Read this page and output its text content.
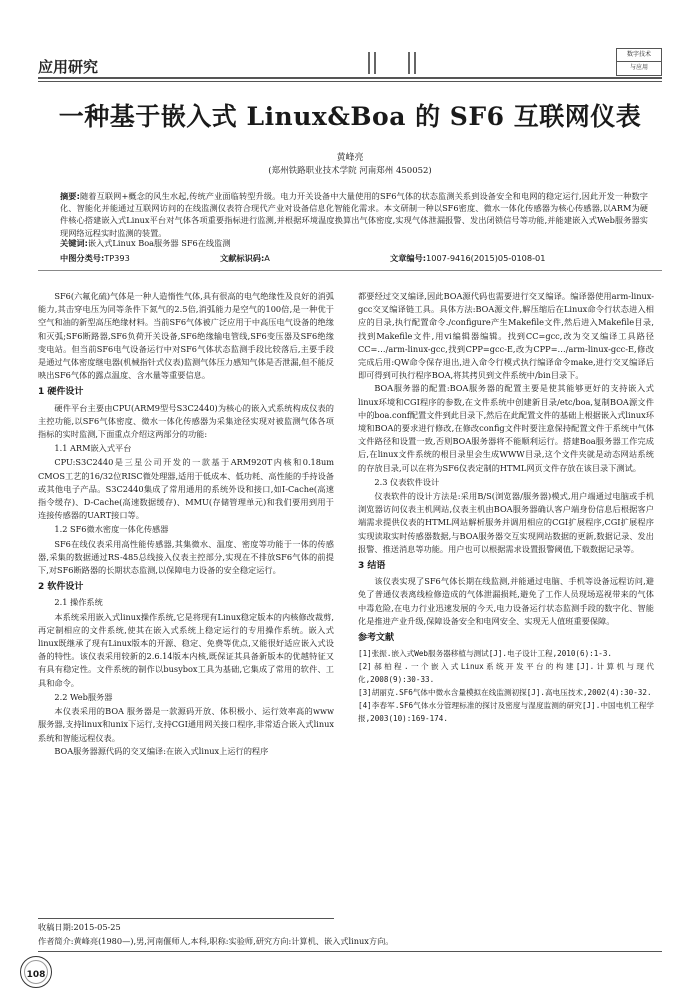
应用研究
数字技术
与应用
一种基于嵌入式 Linux&Boa 的 SF6 互联网仪表
黄峰亮
(郑州铁路职业技术学院 河南郑州 450052)
摘要:随着互联网+概念的风生水起,传统产业面临转型升级。电力开关设备中大量使用的SF6气体的状态监测关系到设备安全和电网的稳定运行,因此开发一种数字化、智能化并能通过互联网访问的在线监测仪表符合现代产业对设备信息化智能化需求。本文研制一种以SF6密度、微水一体化传感器为核心传感器,以ARM为硬件核心搭建嵌入式Linux平台对气体各项重要指标进行监测,并根据环境温度换算出气体密度,实现气体泄漏报警、发出闭锁信号等功能,并能建嵌入式Web服务器实现网络远程实时监测的装置。
关键词:嵌入式Linux Boa服务器 SF6在线监测
中图分类号:TP393	文献标识码:A	文章编号:1007-9416(2015)05-0108-01

SF6(六氟化硫)气体是一种人造惰性气体,具有很高的电气绝缘性及良好的消弧能力,其击穿电压为同等条件下氮气的2.5倍,消弧能力是空气的100倍,是一种优于空气和油的新型高压绝缘材料。当前SF6气体被广泛应用于中高压电气设备的绝缘和灭弧;SF6断路器,SF6负荷开关设备,SF6绝缘输电管线,SF6变压器及SF6绝缘变电站。但当前SF6电气设备运行中对SF6气体状态监测手段比较落后,主要手段是通过气体密度继电器(机械指针式仪表)监测气体压力感知气体是否泄漏,但不能反映出SF6气体的露点温度、含水量等重要信息。

1 硬件设计

硬件平台主要由CPU(ARM9型号S3C2440)为核心的嵌入式系统构成仪表的主控功能,以SF6气体密度、微水一体化传感器为采集途径实现对被监测气体各项指标的实时监测,下面重点介绍这两部分的功能:

1.1 ARM嵌入式平台

CPU:S3C2440是三星公司开发的一款基于ARM920T内核和0.18um CMOS工艺的16/32位RISC微处理器,适用于低成本、低功耗、高性能的手持设备或其他电子产品。S3C2440集成了常用通用的系统外设和接口,如I-Cache(高速指令缓存)、D-Cache(高速数据缓存)、MMU(存储管理单元)和我们要用到用于连接传感器的UART接口等。

1.2 SF6微水密度一体化传感器

SF6在线仪表采用高性能传感器,其集微水、温度、密度等功能于一体的传感器,采集的数据通过RS-485总线接入仪表主控部分,实现在不排放SF6气体的前提下,对SF6断路器的长期状态监测,以保障电力设备的安全稳定运行。

2 软件设计
2.1 操作系统

本系统采用嵌入式linux操作系统,它是将现有Linux稳定版本的内核修改裁剪,再定制相应的文件系统,使其在嵌入式系统上稳定运行的专用操作系统。嵌入式linux既继承了现有Linux版本的开源、稳定、免费等优点,又能很好适应嵌入式设备的特性。该仪表采用较新的2.6.14版本内核,既保证其具备新版本的优越特征又有具有稳定性。文件系统的制作以busybox工具为基础,它集成了常用的软件、工具和命令。

2.2 Web服务器

本仪表采用的BOA 服务器是一款源码开放、体积极小、运行效率高的www服务器,支持linux和unix下运行,支持CGI通用网关接口程序,非常适合嵌入式linux系统和智能远程仪表。

BOA服务器源代码的交叉编译:在嵌入式linux上运行的程序

都要经过交叉编译,因此BOA源代码也需要进行交叉编译。编译器使用arm-linux-gcc交叉编译链工具。具体方法:BOA源文件,解压缩后在Linux命令行状态进入相应的目录,执行配置命令./configure产生Makefile文件,然后进入Makefile目录,找到Makefile文件,用vi编辑器编辑。找到CC=gcc,改为交叉编译工具路径CC=…/arm-linux-gcc,找到CPP=gcc-E,改为CPP=…/arm-linux-gcc-E,修改完成后用:QW命令保存退出,进入命令行模式执行编译命令make,进行交叉编译后即可得到可执行程序BOA,将其拷贝到文件系统中/bin目录下。

BOA服务器的配置:BOA服务器的配置主要是使其能够更好的支持嵌入式linux环境和CGI程序的参数,在文件系统中创建新目录/etc/boa,复制BOA源文件中的boa.conf配置文件到此目录下,然后在此配置文件的基础上根据嵌入式linux环境和BOA的要求进行修改,在修改config文件时要注意保持配置文件于系统中气体文件路径和设置一致,否则BOA服务器将不能顺利运行。搭建Boa服务器工作完成后,在linux文件系统的根目录里会生成WWW目录,这个文件夹就是动态网站系统的存放目录,可以在将为SF6仪表定制的HTML网页文件存放在该目录下测试。

2.3 仪表软件设计

仪表软件的设计方法是:采用B/S(浏览器/服务器)模式,用户端通过电脑或手机浏览器访问仪表主机网站,仪表主机由BOA服务器确认客户端身份信息后根据客户端需求提供仪表的HTML网站解析服务并调用相应的CGI扩展程序,CGI扩展程序实现读取实时传感器数据,与BOA服务器交互实现网站数据的更新,数据记录、发出报警、推送消息等功能。用户也可以根据需求设置报警阈值,下载数据记录等。

3 结语

该仪表实现了SF6气体长期在线监测,并能通过电脑、手机等设备远程访问,避免了普通仪表离线检修造成的气体泄漏损耗,避免了工作人员现场巡视带来的气体中毒危险,在电力行业迅速发展的今天,电力设备运行状态监测手段的数字化、智能化是推进产业升级,保障设备安全和电网安全、实现无人值班重要保障。

参考文献
[1]张振.嵌入式Web服务器移植与测试[J].电子设计工程,2010(6):1-3.
[2]郝柏程.一个嵌入式Linux系统开发平台的构建[J].计算机与现代化,2008(9):30-33.
[3]胡丽克.SF6气体中微水含量模拟在线监测初探[J].高电压技术,2002(4):30-32.
[4]李春军.SF6气体水分管理标准的探讨及密度与湿度监测的研究[J].中国电机工程学报,2003(10):169-174.
收稿日期:2015-05-25
作者简介:黄峰亮(1980—),男,河南偃师人,本科,职称:实验师,研究方向:计算机、嵌入式linux方向。
108
